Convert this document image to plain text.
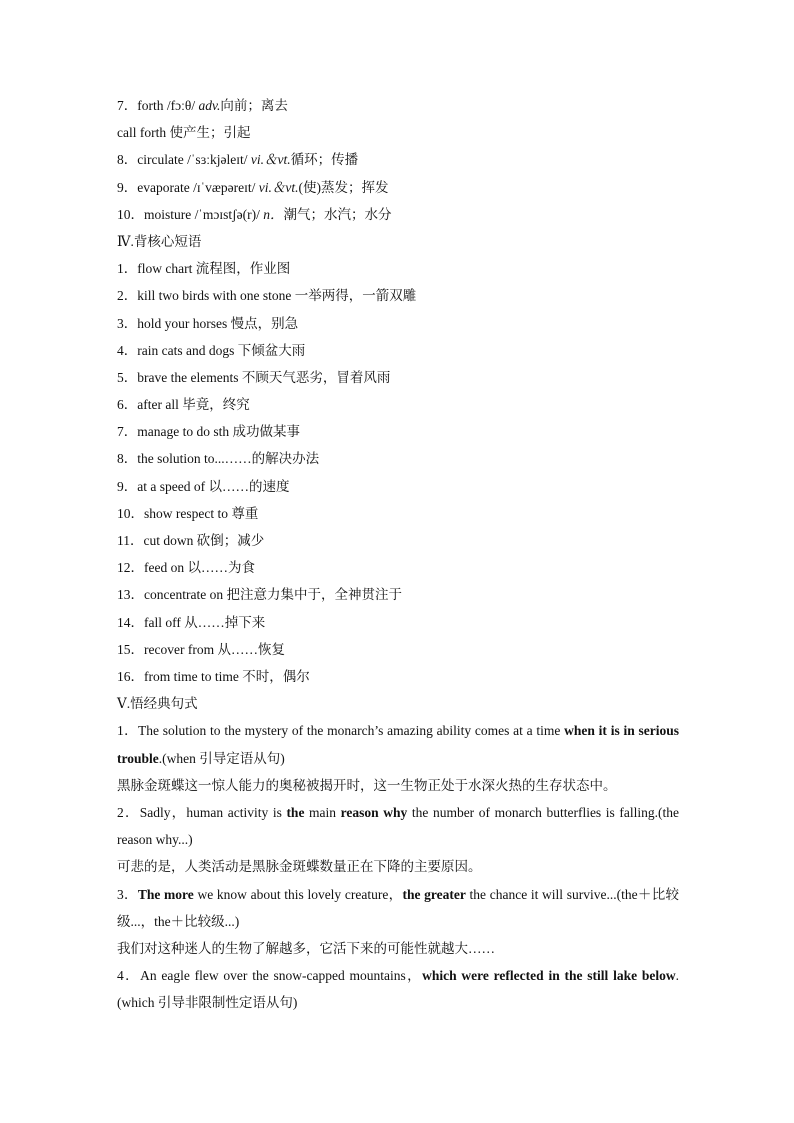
7．forth /fɔːθ/ adv.向前；离去
call forth 使产生；引起
8．circulate /ˈsɜːkjəleɪt/ vi.＆vt.循环；传播
9．evaporate /ɪˈvæpəreɪt/ vi.＆vt.(使)蒸发；挥发
10．moisture /ˈmɔɪstʃə(r)/ n．潮气；水汽；水分
Ⅳ.背核心短语
1．flow chart 流程图，作业图
2．kill two birds with one stone 一举两得，一箭双雕
3．hold your horses 慢点，别急
4．rain cats and dogs 下倾盆大雨
5．brave the elements 不顾天气恶劣，冒着风雨
6．after all 毕竟，终究
7．manage to do sth 成功做某事
8．the solution to...……的解决办法
9．at a speed of 以……的速度
10．show respect to 尊重
11．cut down 砍倒；减少
12．feed on 以……为食
13．concentrate on 把注意力集中于，全神贯注于
14．fall off 从……掉下来
15．recover from 从……恢复
16．from time to time 不时，偶尔
Ⅴ.悟经典句式
1．The solution to the mystery of the monarch’s amazing ability comes at a time when it is in serious trouble.(when 引导定语从句)
黑脉金斑蝶这一惊人能力的奥秘被揭开时，这一生物正处于水深火热的生存状态中。
2．Sadly，human activity is the main reason why the number of monarch butterflies is falling.(the reason why...)
可悲的是，人类活动是黑脉金斑蝶数量正在下降的主要原因。
3．The more we know about this lovely creature，the greater the chance it will survive...(the＋比较级...，the＋比较级...)
我们对这种迷人的生物了解越多，它活下来的可能性就越大……
4．An eagle flew over the snow-capped mountains，which were reflected in the still lake below.(which 引导非限制性定语从句)
